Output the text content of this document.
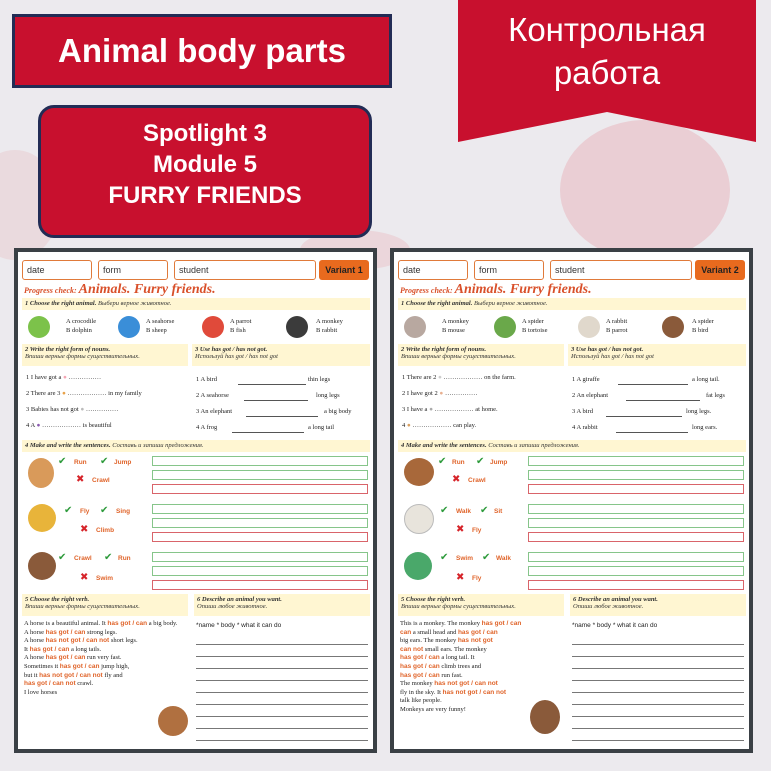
Animal body parts
Контрольная
работа
Spotlight 3
Module 5
FURRY FRIENDS
date	form	student	Variant 1
Progress check: Animals. Furry friends.
1 Choose the right animal. Выбери верное животное.
A crocodile
B dolphin
A seahorse
B sheep
A parrot
B fish
A monkey
B rabbit
2 Write the right form of nouns.
Впиши верные формы существительных.
1 I have got a ● ……………
2 There are 3 ● ……………… in my family
3 Babies has not got ● ……………
4 A ● ……………… is beautiful
3 Use has got / has not got.
Используй has got / has not got
1 A bird	thin legs
2 A seahorse	long legs
3 An elephant	a big body
4 A frog	a long tail
4 Make and write the sentences. Составь и запиши предложения.
✔ Run ✔ Jump
✖ Crawl
✔ Fly ✔ Sing
✖ Climb
✔ Crawl ✔ Run
✖ Swim
5 Choose the right verb.
Впиши верные формы существительных.
A horse is a beautiful animal. It has got / can a big body.
A horse has got / can strong legs.
A horse has not got / can not short legs.
It has got / can a long tails.
A horse has got / can run very fast.
Sometimes it has got / can jump high,
but it has not got / can not fly and
has got / can not crawl.
I love horses
6 Describe an animal you want.
Опиши любое животное.
*name * body * what it can do
date	form	student	Variant 2
Progress check: Animals. Furry friends.
1 Choose the right animal. Выбери верное животное.
A monkey
B mouse
A spider
B tortoise
A rabbit
B parrot
A spider
B bird
2 Write the right form of nouns.
Впиши верные формы существительных.
1 There are 2 ● ……………… on the farm.
2 I have got 2 ● ……………
3 I have a ● ……………… at home.
4 ● ……………… can play.
3 Use has got / has not got.
Используй has got / has not got
1 A giraffe	a long tail.
2 An elephant	fat legs
3 A bird	long legs.
4 A rabbit	long ears.
4 Make and write the sentences. Составь и запиши предложения.
✔ Run ✔ Jump
✖ Crawl
✔ Walk ✔ Sit
✖ Fly
✔ Swim ✔ Walk
✖ Fly
5 Choose the right verb.
Впиши верные формы существительных.
This is a monkey. The monkey has got / can
can a small head and has got / can
big ears. The monkey has not got
can not small ears. The monkey
has got / can a long tail. It
has got / can climb trees and
has got / can run fast.
The monkey has not got / can not
fly in the sky. It has not got / can not
talk like people.
Monkeys are very funny!
6 Describe an animal you want.
Опиши любое животное.
*name * body * what it can do
